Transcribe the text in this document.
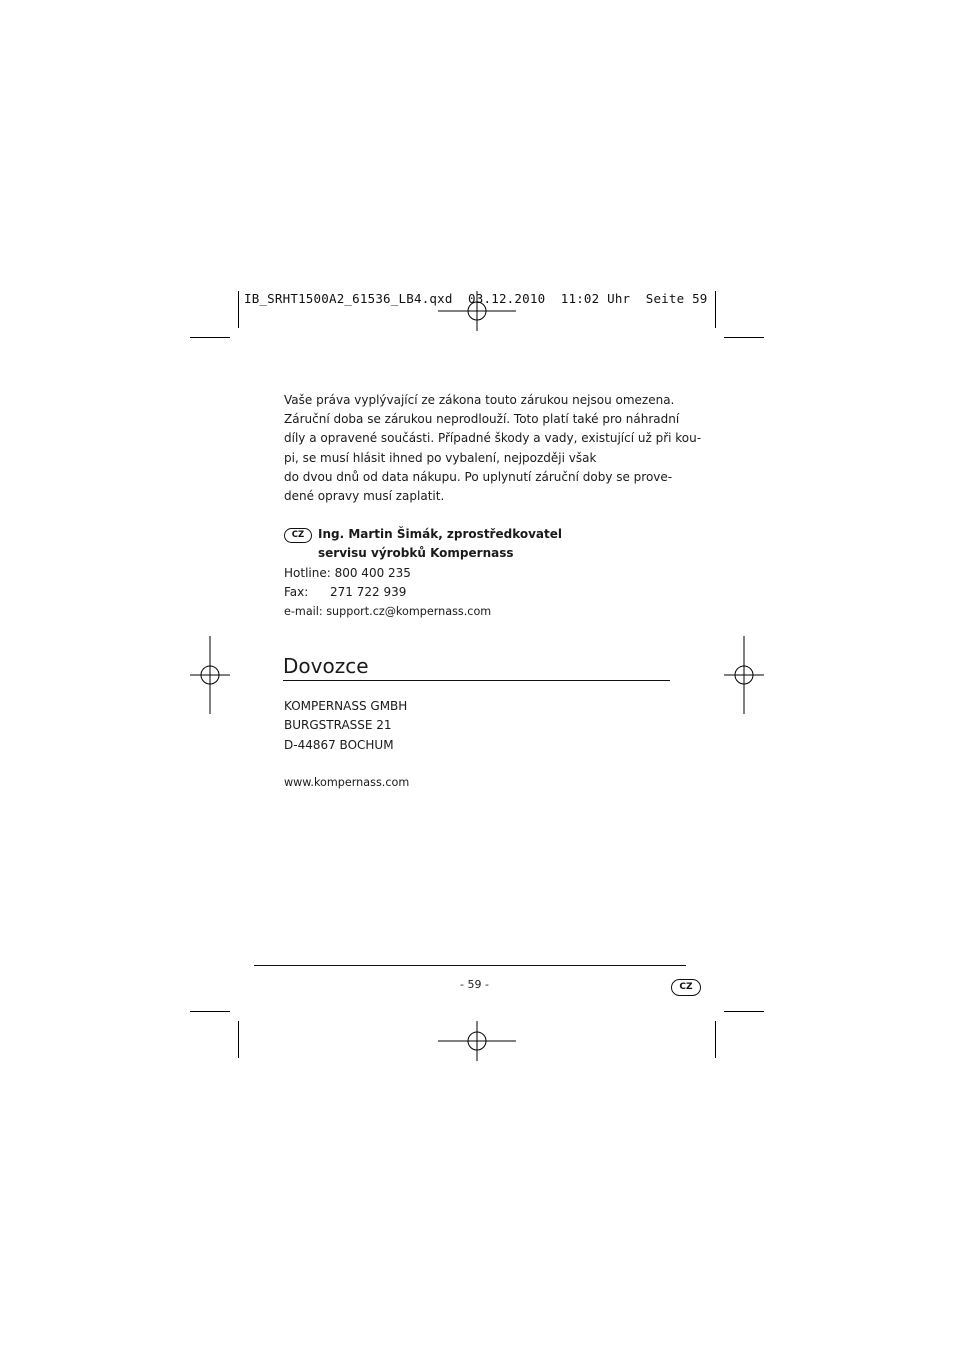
IB_SRHT1500A2_61536_LB4.qxd  03.12.2010  11:02 Uhr  Seite 59
Vaše práva vyplývající ze zákona touto zárukou nejsou omezena.
Záruční doba se zárukou neprodlouží. Toto platí také pro náhradní
díly a opravené součásti. Případné škody a vady, existující už při kou-
pi, se musí hlásit ihned po vybalení, nejpozději však
do dvou dnů od data nákupu. Po uplynutí záruční doby se prove-
dené opravy musí zaplatit.
CZ	Ing. Martin Šimák, zprostředkovatel
servisu výrobků Kompernass
Hotline: 800 400 235
Fax: 271 722 939
e-mail: support.cz@kompernass.com
Dovozce
KOMPERNASS GMBH
BURGSTRASSE 21
D-44867 BOCHUM
www.kompernass.com
- 59 -	CZ
